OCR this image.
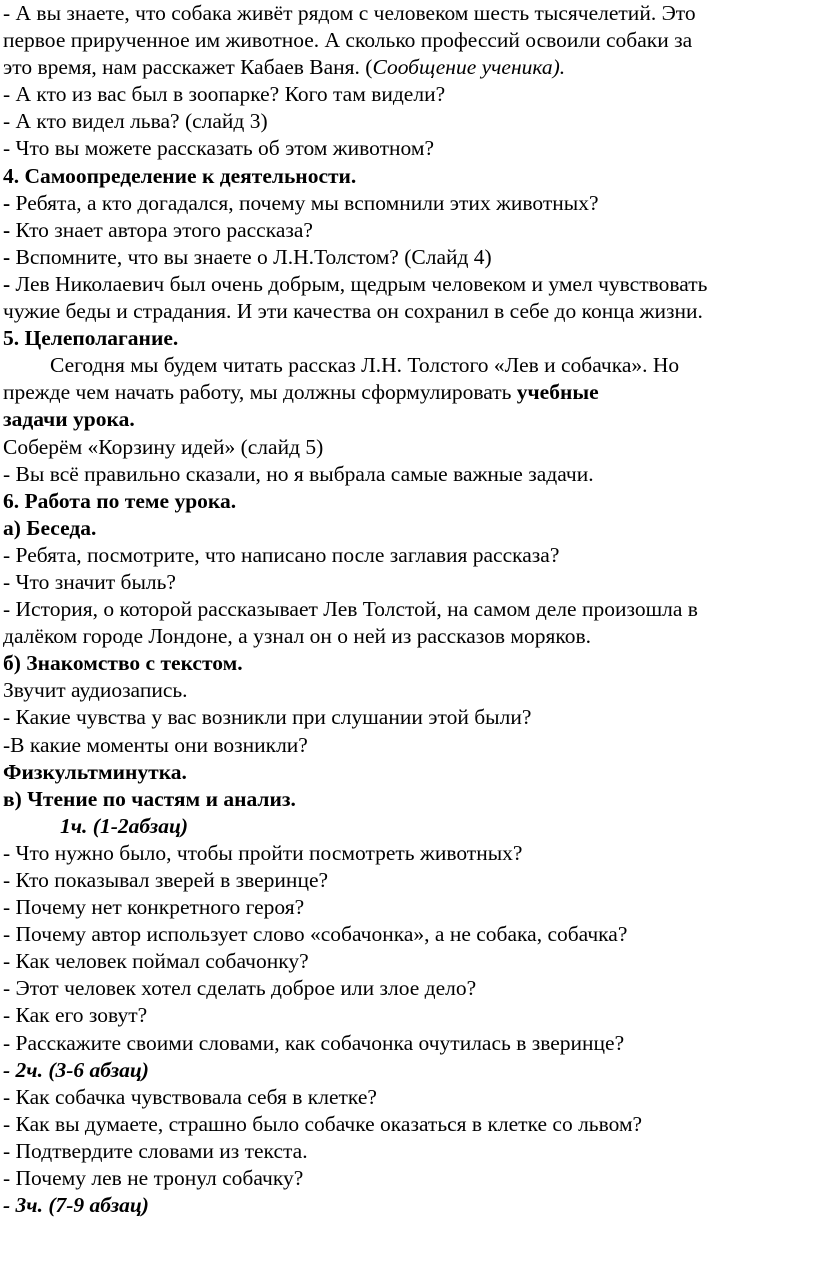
- А вы знаете, что собака живёт рядом с человеком шесть тысячелетий. Это
первое прирученное им животное. А сколько профессий освоили собаки за
это время, нам расскажет Кабаев Ваня. (Сообщение ученика).
- А кто из вас был в зоопарке? Кого там видели?
- А кто видел льва? (слайд 3)
- Что вы можете рассказать об этом животном?
4. Самоопределение к деятельности.
- Ребята, а кто догадался, почему мы вспомнили этих животных?
- Кто знает автора этого рассказа?
- Вспомните, что вы знаете о Л.Н.Толстом? (Слайд 4)
- Лев Николаевич был очень добрым, щедрым человеком и умел чувствовать
чужие беды и страдания. И эти качества он сохранил в себе до конца жизни.
5. Целеполагание.
Сегодня мы будем читать рассказ Л.Н. Толстого «Лев и собачка». Но
прежде чем начать работу, мы должны сформулировать учебные
задачи урока.
Соберём «Корзину идей» (слайд 5)
- Вы всё правильно сказали, но я выбрала самые важные задачи.
6. Работа по теме урока.
а) Беседа.
- Ребята, посмотрите, что написано после заглавия рассказа?
- Что значит быль?
- История, о которой рассказывает Лев Толстой, на самом деле произошла в
далёком городе Лондоне, а узнал он о ней из рассказов моряков.
б) Знакомство с текстом.
Звучит аудиозапись.
- Какие чувства у вас возникли при слушании этой были?
-В какие моменты они возникли?
Физкультминутка.
в) Чтение по частям и анализ.
1ч. (1-2абзац)
- Что нужно было, чтобы пройти посмотреть животных?
- Кто показывал зверей в зверинце?
- Почему нет конкретного героя?
- Почему автор использует слово «собачонка», а не собака, собачка?
- Как человек поймал собачонку?
- Этот человек хотел сделать доброе или злое дело?
- Как его зовут?
- Расскажите своими словами, как собачонка очутилась в зверинце?
- 2ч. (3-6 абзац)
- Как собачка чувствовала себя в клетке?
- Как вы думаете, страшно было собачке оказаться в клетке со львом?
- Подтвердите словами из текста.
- Почему лев не тронул собачку?
- 3ч. (7-9 абзац)
